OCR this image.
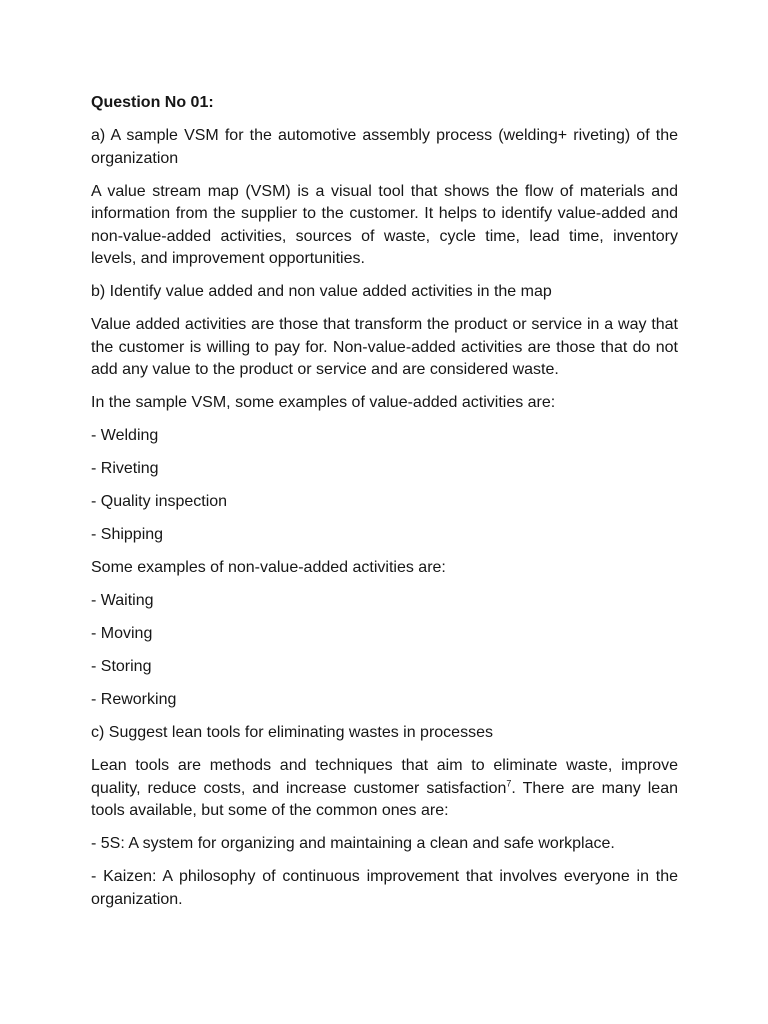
Question No 01:

a) A sample VSM for the automotive assembly process (welding+ riveting) of the organization

A value stream map (VSM) is a visual tool that shows the flow of materials and information from the supplier to the customer. It helps to identify value-added and non-value-added activities, sources of waste, cycle time, lead time, inventory levels, and improvement opportunities.

b) Identify value added and non value added activities in the map

Value added activities are those that transform the product or service in a way that the customer is willing to pay for. Non-value-added activities are those that do not add any value to the product or service and are considered waste.

In the sample VSM, some examples of value-added activities are:

- Welding

- Riveting

- Quality inspection

- Shipping

Some examples of non-value-added activities are:

- Waiting

- Moving

- Storing

- Reworking

c) Suggest lean tools for eliminating wastes in processes

Lean tools are methods and techniques that aim to eliminate waste, improve quality, reduce costs, and increase customer satisfaction$^7$. There are many lean tools available, but some of the common ones are:

- 5S: A system for organizing and maintaining a clean and safe workplace.

- Kaizen: A philosophy of continuous improvement that involves everyone in the organization.
